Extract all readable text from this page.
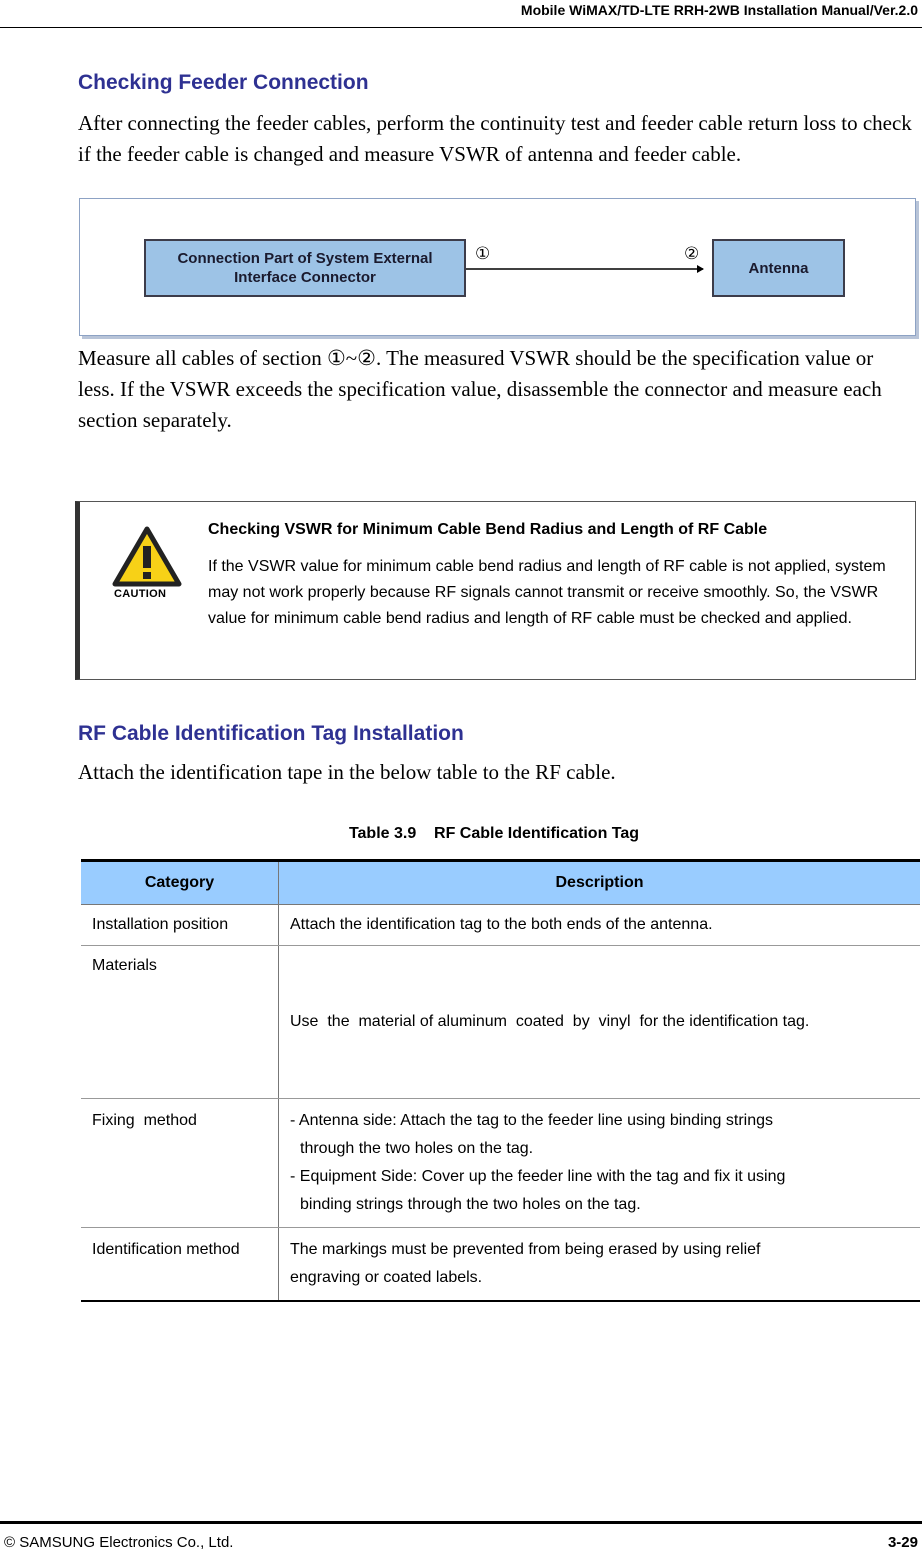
Mobile WiMAX/TD-LTE RRH-2WB Installation Manual/Ver.2.0
Checking Feeder Connection
After connecting the feeder cables, perform the continuity test and feeder cable return loss to check if the feeder cable is changed and measure VSWR of antenna and feeder cable.
Connection Part of System External Interface Connector
Antenna
①	②
Measure all cables of section ①~②. The measured VSWR should be the specification value or less. If the VSWR exceeds the specification value, disassemble the connector and measure each section separately.
CAUTION
Checking VSWR for Minimum Cable Bend Radius and Length of RF Cable
If the VSWR value for minimum cable bend radius and length of RF cable is not applied, system may not work properly because RF signals cannot transmit or receive smoothly. So, the VSWR value for minimum cable bend radius and length of RF cable must be checked and applied.
RF Cable Identification Tag Installation
Attach the identification tape in the below table to the RF cable.
Table 3.9    RF Cable Identification Tag
Category	Description
Installation position	Attach the identification tag to the both ends of the antenna.

Materials	Use  the  material of aluminum  coated  by  vinyl  for the identification tag.

Fixing  method	- Antenna side: Attach the tag to the feeder line using binding strings
through the two holes on the tag.
- Equipment Side: Cover up the feeder line with the tag and fix it using
binding strings through the two holes on the tag.

Identification method	The markings must be prevented from being erased by using relief
engraving or coated labels.
© SAMSUNG Electronics Co., Ltd.	3-29
